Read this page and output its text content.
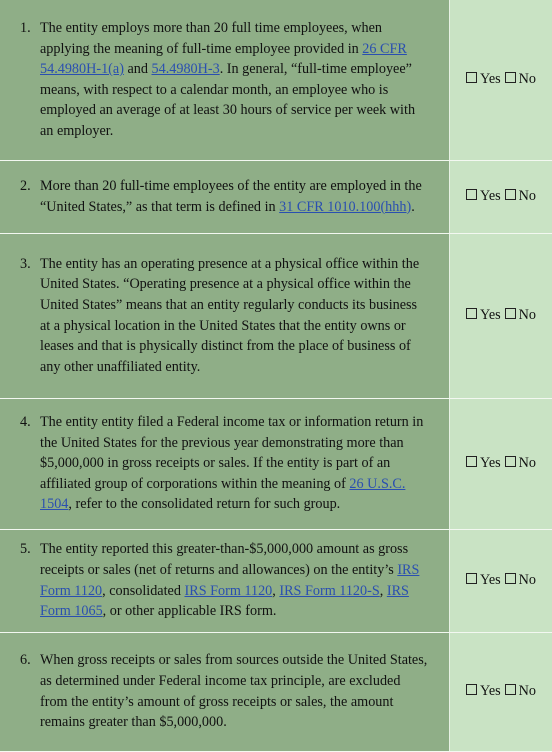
1. The entity employs more than 20 full time employees, when applying the meaning of full-time employee provided in 26 CFR 54.4980H-1(a) and 54.4980H-3. In general, “full-time employee” means, with respect to a calendar month, an employee who is employed an average of at least 30 hours of service per week with an employer.	Yes No

2. More than 20 full-time employees of the entity are employed in the “United States,” as that term is defined in 31 CFR 1010.100(hhh).	Yes No

3. The entity has an operating presence at a physical office within the United States. “Operating presence at a physical office within the United States” means that an entity regularly conducts its business at a physical location in the United States that the entity owns or leases and that is physically distinct from the place of business of any other unaffiliated entity.	Yes No

4. The entity entity filed a Federal income tax or information return in the United States for the previous year demonstrating more than $5,000,000 in gross receipts or sales. If the entity is part of an affiliated group of corporations within the meaning of 26 U.S.C. 1504, refer to the consolidated return for such group.	Yes No

5. The entity reported this greater-than-$5,000,000 amount as gross receipts or sales (net of returns and allowances) on the entity’s IRS Form 1120, consolidated IRS Form 1120, IRS Form 1120-S, IRS Form 1065, or other applicable IRS form.	Yes No

6. When gross receipts or sales from sources outside the United States, as determined under Federal income tax principle, are excluded from the entity’s amount of gross receipts or sales, the amount remains greater than $5,000,000.	Yes No
